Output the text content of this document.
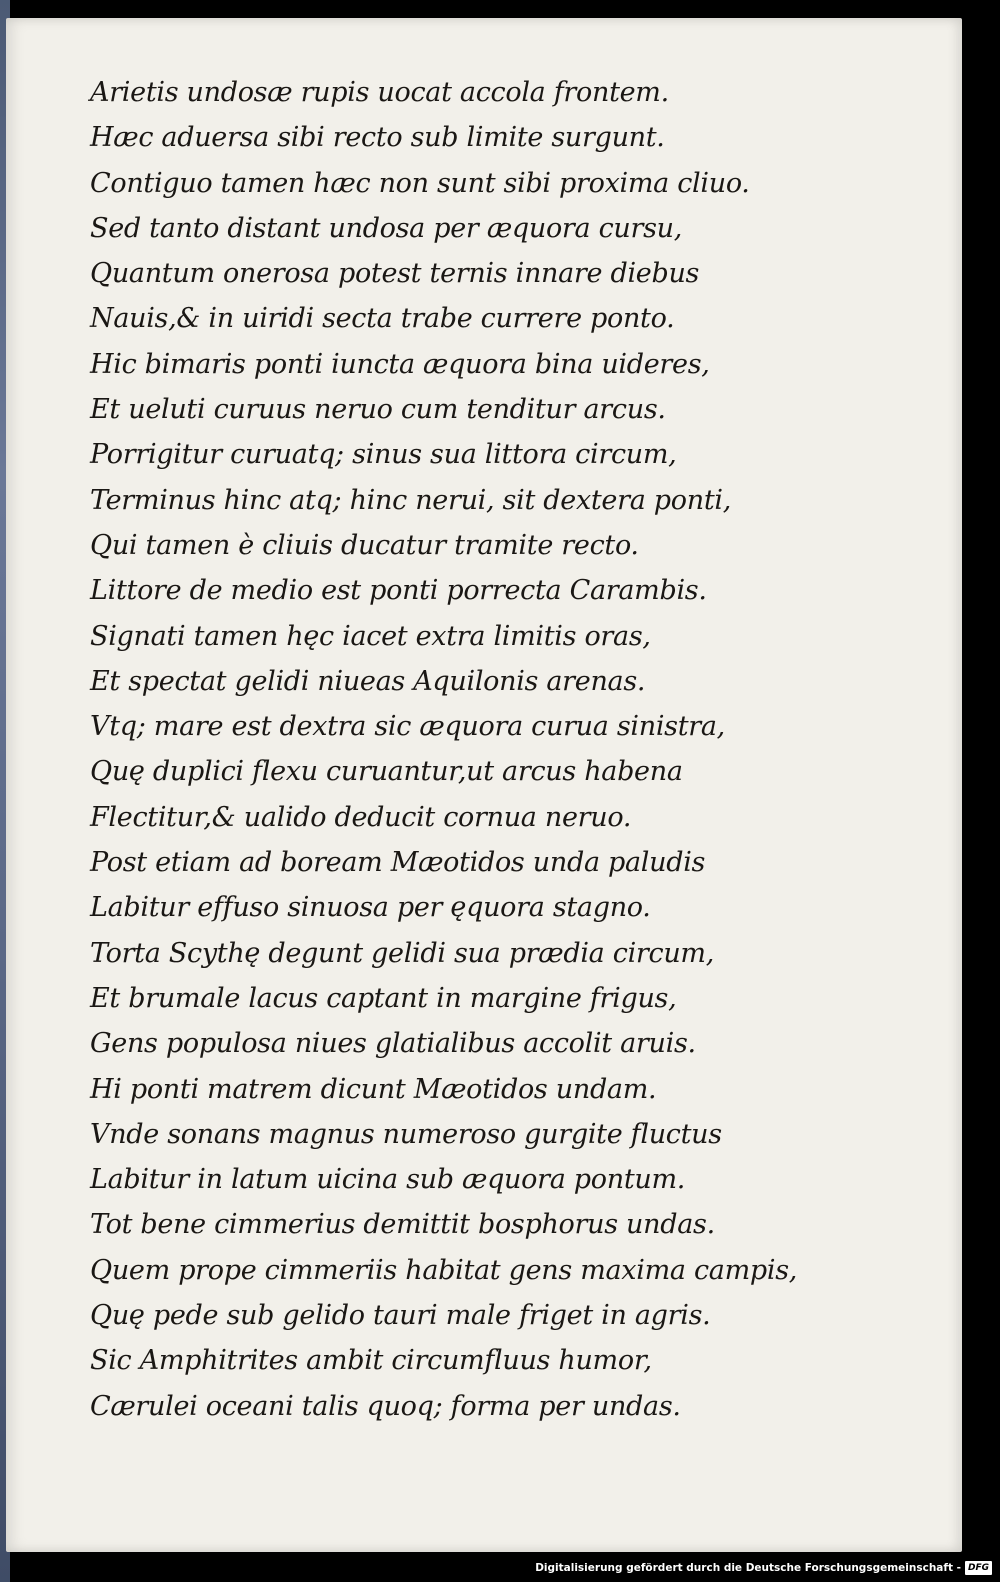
Arietis undosæ rupis uocat accola frontem.
Hæc aduersa sibi recto sub limite surgunt.
Contiguo tamen hæc non sunt sibi proxima cliuo.
Sed tanto distant undosa per æquora cursu,
Quantum onerosa potest ternis innare diebus
Nauis,& in uiridi secta trabe currere ponto.
Hic bimaris ponti iuncta æquora bina uideres,
Et ueluti curuus neruo cum tenditur arcus.
Porrigitur curuatq; sinus sua littora circum,
Terminus hinc atq; hinc nerui, sit dextera ponti,
Qui tamen è cliuis ducatur tramite recto.
Littore de medio est ponti porrecta Carambis.
Signati tamen hęc iacet extra limitis oras,
Et spectat gelidi niueas Aquilonis arenas.
Vtq; mare est dextra sic æquora curua sinistra,
Quę duplici flexu curuantur,ut arcus habena
Flectitur,& ualido deducit cornua neruo.
Post etiam ad boream Mæotidos unda paludis
Labitur effuso sinuosa per ęquora stagno.
Torta Scythę degunt gelidi sua prædia circum,
Et brumale lacus captant in margine frigus,
Gens populosa niues glatialibus accolit aruis.
Hi ponti matrem dicunt Mæotidos undam.
Vnde sonans magnus numeroso gurgite fluctus
Labitur in latum uicina sub æquora pontum.
Tot bene cimmerius demittit bosphorus undas.
Quem prope cimmeriis habitat gens maxima campis,
Quę pede sub gelido tauri male friget in agris.
Sic Amphitrites ambit circumfluus humor,
Cærulei oceani talis quoq; forma per undas.
Digitalisierung gefördert durch die Deutsche Forschungsgemeinschaft - DFG
